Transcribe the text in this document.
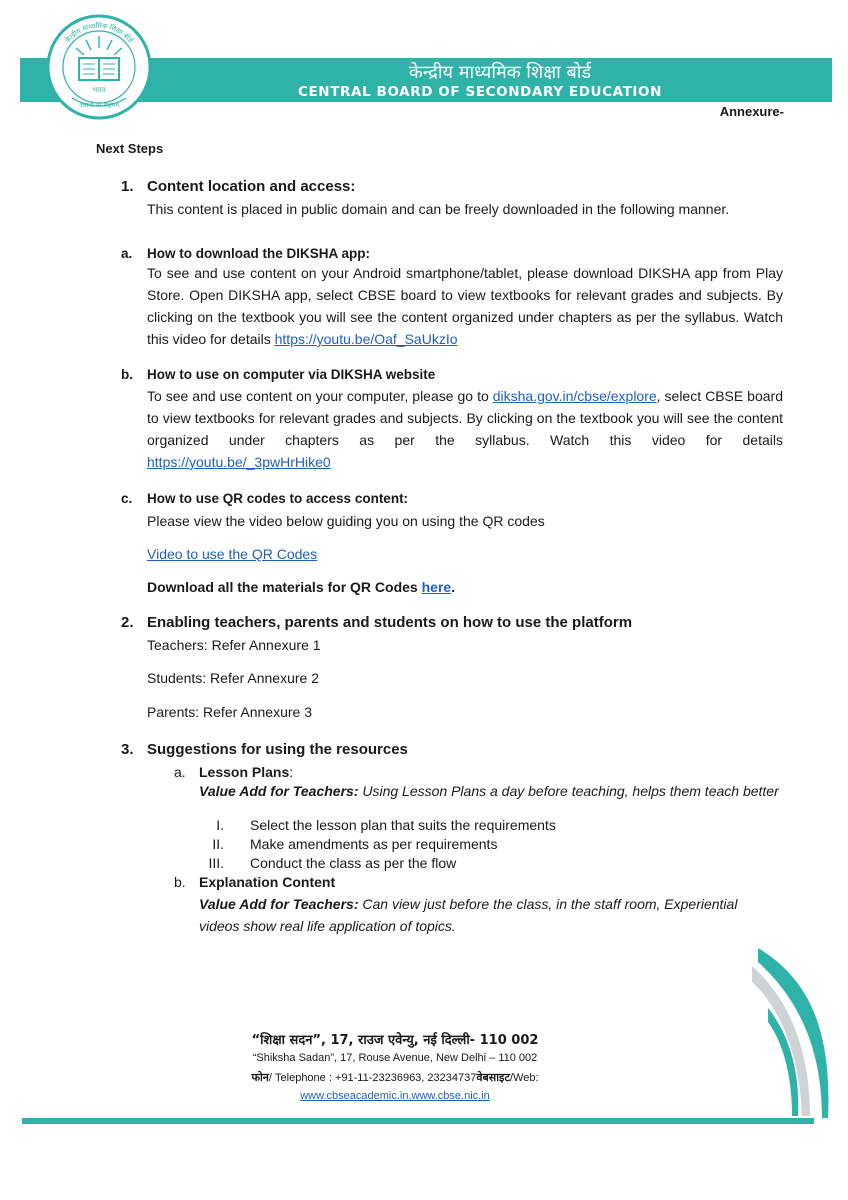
भारत
केन्द्रीय माध्यमिक शिक्षा बोर्ड
असतो मा सद्गमय
केन्द्रीय माध्यमिक शिक्षा बोर्ड
CENTRAL BOARD OF SECONDARY EDUCATION
Annexure-
Next Steps
1. Content location and access:
This content is placed in public domain and can be freely downloaded in the following manner.
a. How to download the DIKSHA app:
To see and use content on your Android smartphone/tablet, please download DIKSHA app from Play Store. Open DIKSHA app, select CBSE board to view textbooks for relevant grades and subjects. By clicking on the textbook you will see the content organized under chapters as per the syllabus. Watch this video for details https://youtu.be/Oaf_SaUkzIo
b. How to use on computer via DIKSHA website
To see and use content on your computer, please go to diksha.gov.in/cbse/explore, select CBSE board to view textbooks for relevant grades and subjects. By clicking on the textbook you will see the content organized under chapters as per the syllabus. Watch this video for details https://youtu.be/_3pwHrHike0
c. How to use QR codes to access content:
Please view the video below guiding you on using the QR codes
Video to use the QR Codes
Download all the materials for QR Codes here.
2. Enabling teachers, parents and students on how to use the platform
Teachers: Refer Annexure 1
Students: Refer Annexure 2
Parents: Refer Annexure 3
3. Suggestions for using the resources
a. Lesson Plans:
Value Add for Teachers: Using Lesson Plans a day before teaching, helps them teach better
I. Select the lesson plan that suits the requirements
II. Make amendments as per requirements
III. Conduct the class as per the flow
b. Explanation Content
Value Add for Teachers: Can view just before the class, in the staff room, Experiential
videos show real life application of topics.
“शिक्षा सदन”, 17, राउज एवेन्यु, नई दिल्ली- 110 002
“Shiksha Sadan”, 17, Rouse Avenue, New Delhi – 110 002
फोन/ Telephone : +91-11-23236963, 23234737वेबसाइट/Web:
www.cbseacademic.in,www.cbse.nic.in
